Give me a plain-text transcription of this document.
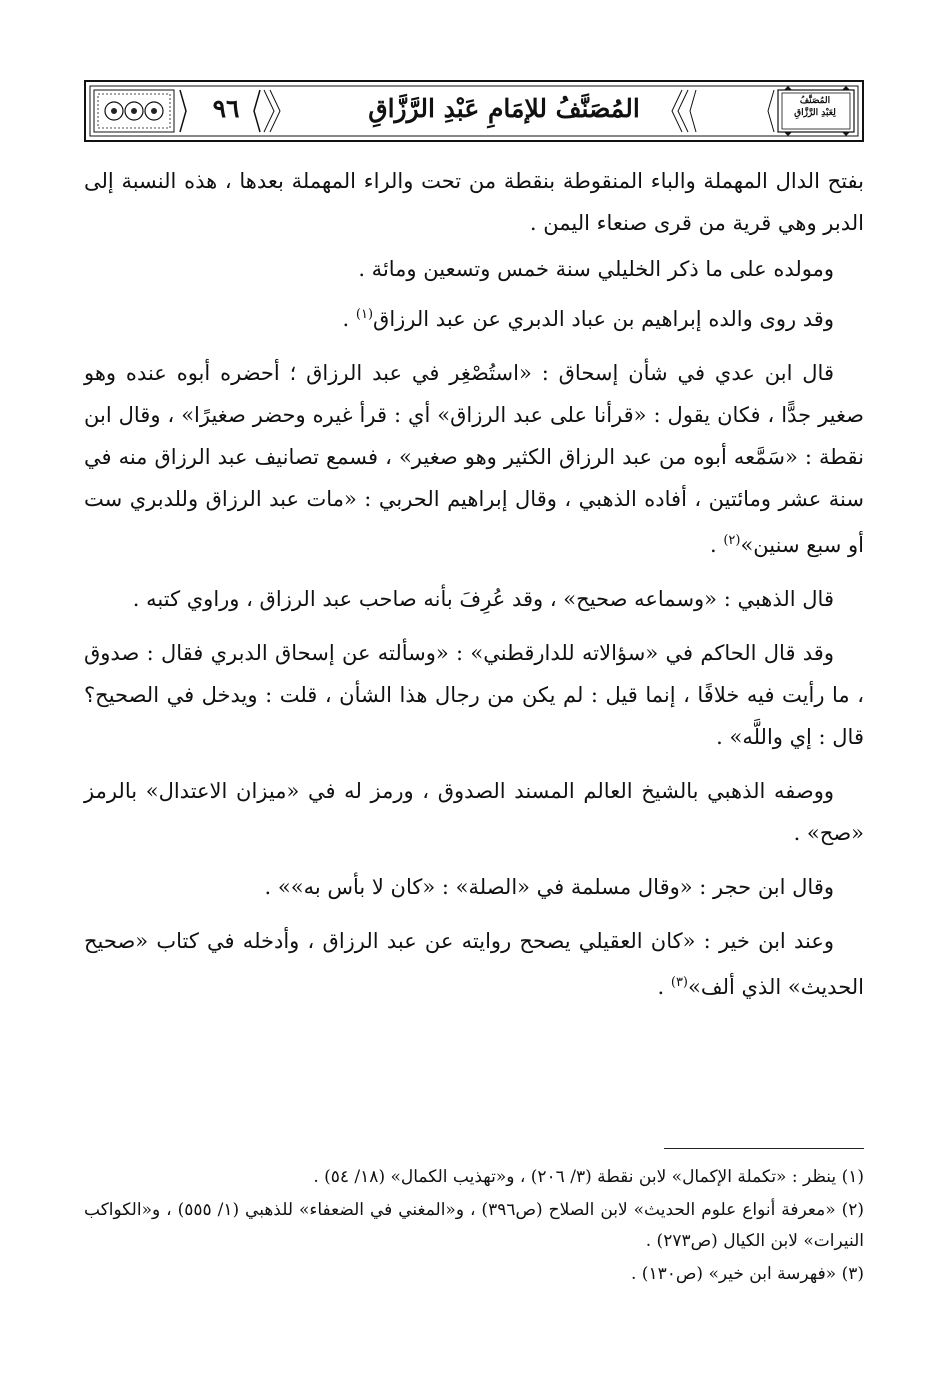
٩٦	المُصَنَّفُ للإمَامِ عَبْدِ الرَّزَّاقِ	المُصَنَّفُ
لِعَبْدِ الرَّزَّاقِ

بفتح الدال المهملة والباء المنقوطة بنقطة من تحت والراء المهملة بعدها ، هذه النسبة إلى الدبر وهي قرية من قرى صنعاء اليمن .

ومولده على ما ذكر الخليلي سنة خمس وتسعين ومائة .

وقد روى والده إبراهيم بن عباد الدبري عن عبد الرزاق$^{(١)}$ .

قال ابن عدي في شأن إسحاق : «استُصْغِر في عبد الرزاق ؛ أحضره أبوه عنده وهو صغير جدًّا ، فكان يقول : «قرأنا على عبد الرزاق» أي : قرأ غيره وحضر صغيرًا» ، وقال ابن نقطة : «سَمَّعه أبوه من عبد الرزاق الكثير وهو صغير» ، فسمع تصانيف عبد الرزاق منه في سنة عشر ومائتين ، أفاده الذهبي ، وقال إبراهيم الحربي : «مات عبد الرزاق وللدبري ست أو سبع سنين»$^{(٢)}$ .

قال الذهبي : «وسماعه صحيح» ، وقد عُرِفَ بأنه صاحب عبد الرزاق ، وراوي كتبه .

وقد قال الحاكم في «سؤالاته للدارقطني» : «وسألته عن إسحاق الدبري فقال : صدوق ، ما رأيت فيه خلافًا ، إنما قيل : لم يكن من رجال هذا الشأن ، قلت : ويدخل في الصحيح؟ قال : إي واللَّه» .

ووصفه الذهبي بالشيخ العالم المسند الصدوق ، ورمز له في «ميزان الاعتدال» بالرمز «صح» .

وقال ابن حجر : «وقال مسلمة في «الصلة» : «كان لا بأس به»» .

وعند ابن خير : «كان العقيلي يصحح روايته عن عبد الرزاق ، وأدخله في كتاب «صحيح الحديث» الذي ألف»$^{(٣)}$ .

(١) ينظر : «تكملة الإكمال» لابن نقطة (٣/ ٢٠٦) ، و«تهذيب الكمال» (١٨/ ٥٤) .

(٢) «معرفة أنواع علوم الحديث» لابن الصلاح (ص٣٩٦) ، و«المغني في الضعفاء» للذهبي (١/ ٥٥٥) ، و«الكواكب النيرات» لابن الكيال (ص٢٧٣) .

(٣) «فهرسة ابن خير» (ص١٣٠) .
